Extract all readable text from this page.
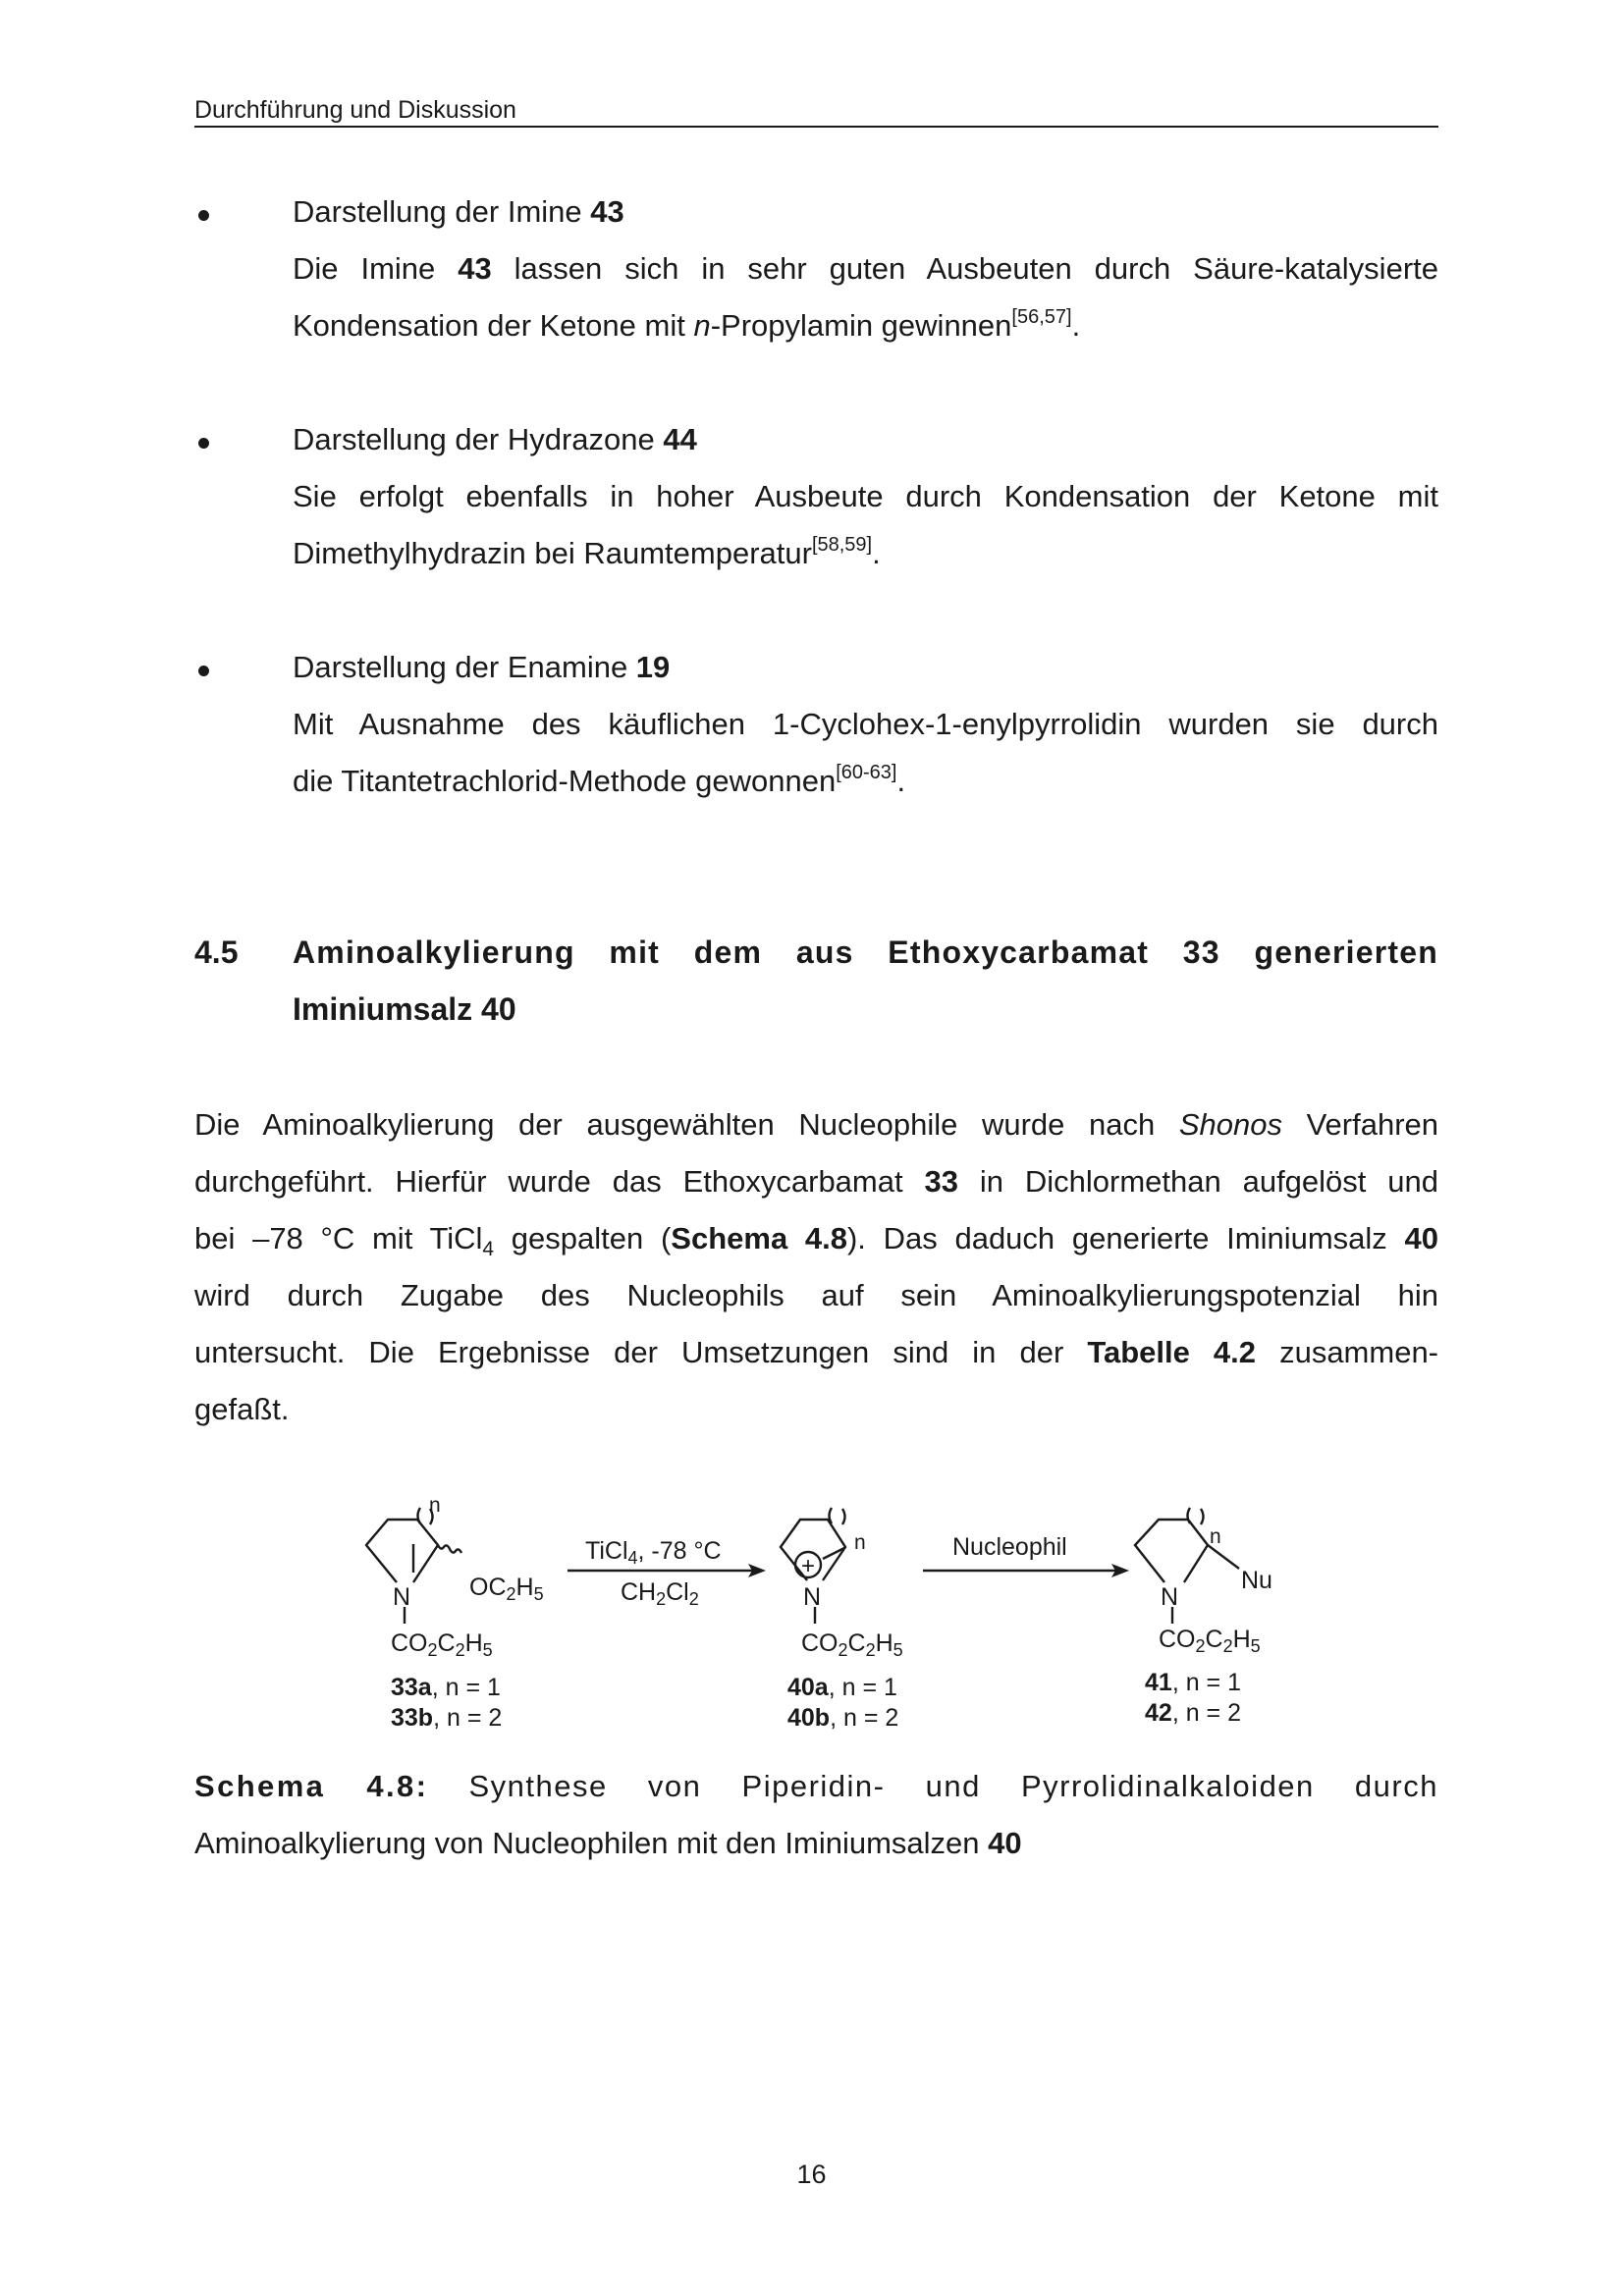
Durchführung und Diskussion
Darstellung der Imine 43
Die Imine 43 lassen sich in sehr guten Ausbeuten durch Säure-katalysierte
Kondensation der Ketone mit n-Propylamin gewinnen[56,57].
Darstellung der Hydrazone 44
Sie erfolgt ebenfalls in hoher Ausbeute durch Kondensation der Ketone mit
Dimethylhydrazin bei Raumtemperatur[58,59].
Darstellung der Enamine 19
Mit Ausnahme des käuflichen 1-Cyclohex-1-enylpyrrolidin wurden sie durch
die Titantetrachlorid-Methode gewonnen[60-63].
4.5 Aminoalkylierung mit dem aus Ethoxycarbamat 33 generierten
Iminiumsalz 40
Die Aminoalkylierung der ausgewählten Nucleophile wurde nach Shonos Verfahren
durchgeführt. Hierfür wurde das Ethoxycarbamat 33 in Dichlormethan aufgelöst und
bei –78 °C mit TiCl$_4$ gespalten (Schema 4.8). Das daduch generierte Iminiumsalz 40
wird durch Zugabe des Nucleophils auf sein Aminoalkylierungspotenzial hin
untersucht. Die Ergebnisse der Umsetzungen sind in der Tabelle 4.2 zusammen-
gefaßt.
n
N $OC_2H_5$
$CO_2C_2H_5$
33a, n = 1
33b, n = 2
TiCl$_4$, -78 °C
$CH_2Cl_2$
Nucleophil
n
+
N
$CO_2C_2H_5$
40a, n = 1
40b, n = 2
n
N
Nu
$CO_2C_2H_5$
41, n = 1
42, n = 2
Schema 4.8: Synthese von Piperidin- und Pyrrolidinalkaloiden durch
Aminoalkylierung von Nucleophilen mit den Iminiumsalzen 40
16
